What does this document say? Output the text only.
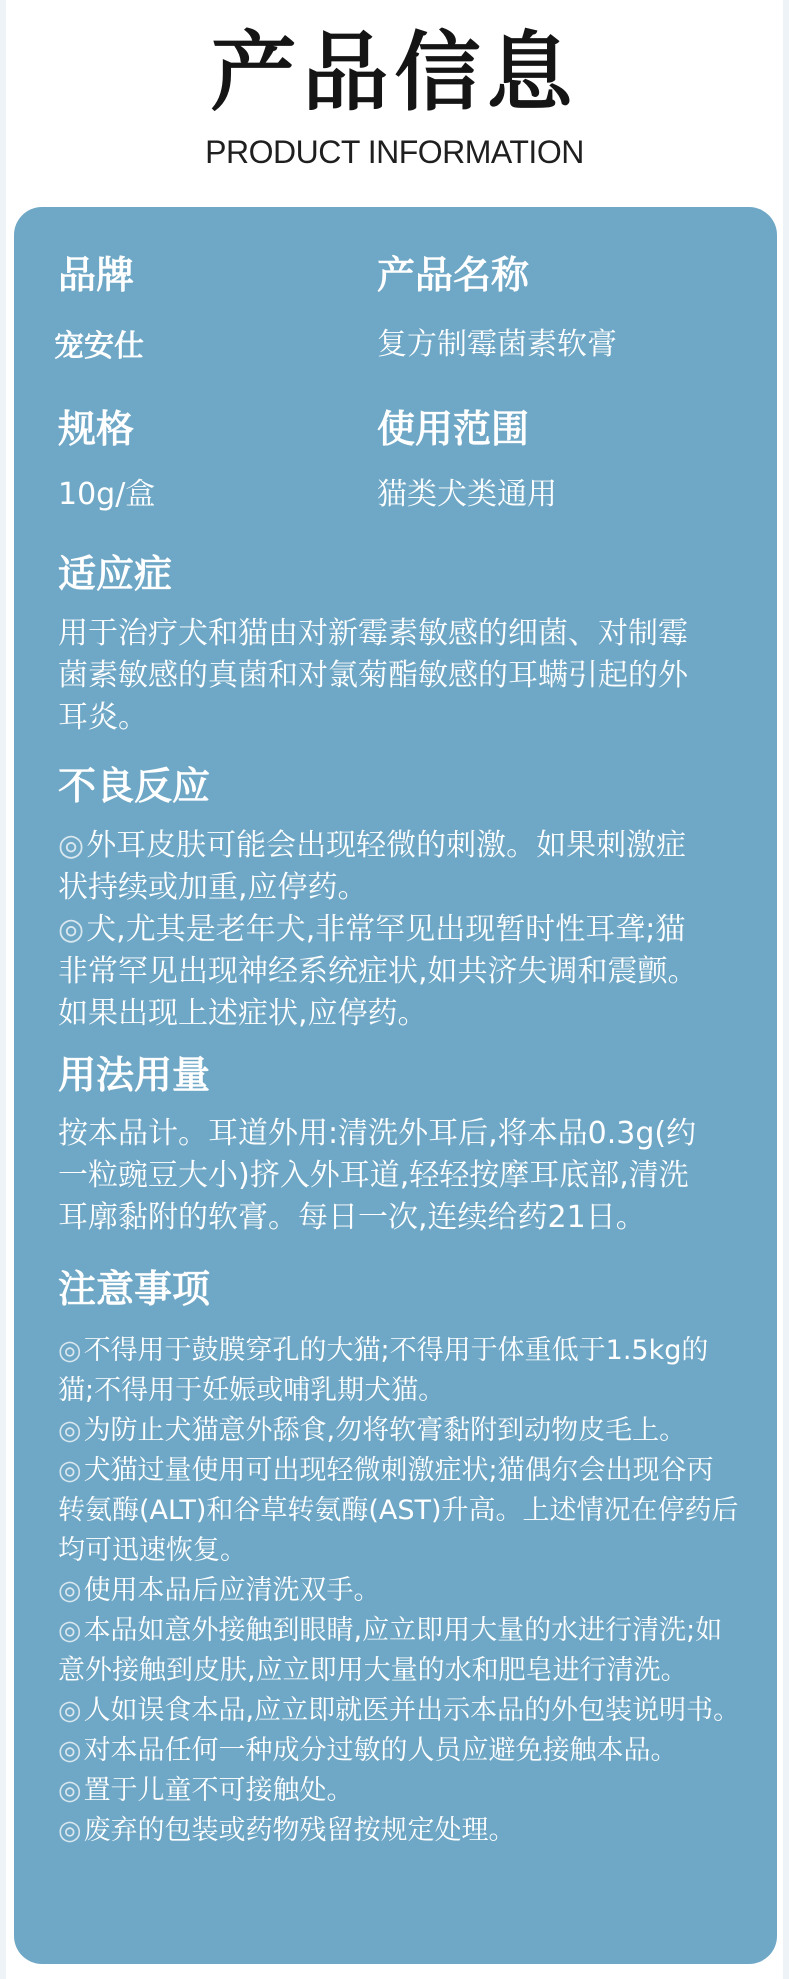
产品信息
PRODUCT INFORMATION
品牌
宠安仕
产品名称
复方制霉菌素软膏
规格
10g/盒
使用范围
猫类犬类通用
适应症
用于治疗犬和猫由对新霉素敏感的细菌、对制霉
菌素敏感的真菌和对氯菊酯敏感的耳螨引起的外
耳炎。
不良反应
◎外耳皮肤可能会出现轻微的刺激。如果刺激症
状持续或加重,应停药。
◎犬,尤其是老年犬,非常罕见出现暂时性耳聋;猫
非常罕见出现神经系统症状,如共济失调和震颤。
如果出现上述症状,应停药。
用法用量
按本品计。耳道外用:清洗外耳后,将本品0.3g(约
一粒豌豆大小)挤入外耳道,轻轻按摩耳底部,清洗
耳廓黏附的软膏。每日一次,连续给药21日。
注意事项

◎不得用于鼓膜穿孔的大猫;不得用于体重低于1.5kg的

猫;不得用于妊娠或哺乳期犬猫。

◎为防止犬猫意外舔食,勿将软膏黏附到动物皮毛上。

◎犬猫过量使用可出现轻微刺激症状;猫偶尔会出现谷丙

转氨酶(ALT)和谷草转氨酶(AST)升高。上述情况在停药后

均可迅速恢复。

◎使用本品后应清洗双手。

◎本品如意外接触到眼睛,应立即用大量的水进行清洗;如

意外接触到皮肤,应立即用大量的水和肥皂进行清洗。

◎人如误食本品,应立即就医并出示本品的外包装说明书。

◎对本品任何一种成分过敏的人员应避免接触本品。

◎置于儿童不可接触处。

◎废弃的包装或药物残留按规定处理。
